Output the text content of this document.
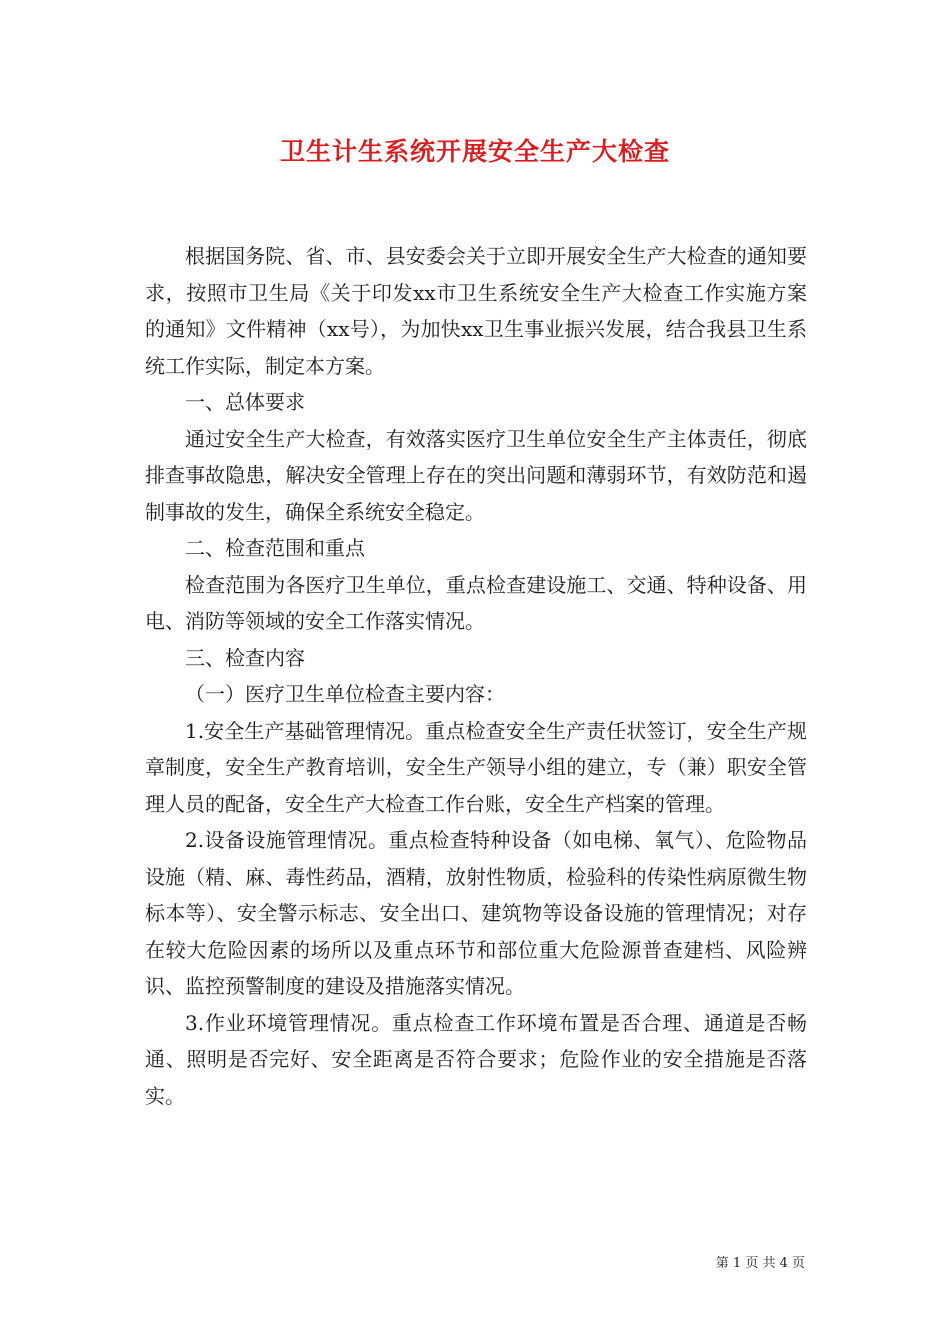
卫生计生系统开展安全生产大检查

根据国务院、省、市、县安委会关于立即开展安全生产大检查的通知要求，按照市卫生局《关于印发xx市卫生系统安全生产大检查工作实施方案的通知》文件精神（xx号），为加快xx卫生事业振兴发展，结合我县卫生系统工作实际，制定本方案。

一、总体要求

通过安全生产大检查，有效落实医疗卫生单位安全生产主体责任，彻底排查事故隐患，解决安全管理上存在的突出问题和薄弱环节，有效防范和遏制事故的发生，确保全系统安全稳定。

二、检查范围和重点

检查范围为各医疗卫生单位，重点检查建设施工、交通、特种设备、用电、消防等领域的安全工作落实情况。

三、检查内容

（一）医疗卫生单位检查主要内容：

1.安全生产基础管理情况。重点检查安全生产责任状签订，安全生产规章制度，安全生产教育培训，安全生产领导小组的建立，专（兼）职安全管理人员的配备，安全生产大检查工作台账，安全生产档案的管理。

2.设备设施管理情况。重点检查特种设备（如电梯、氧气）、危险物品设施（精、麻、毒性药品，酒精，放射性物质，检验科的传染性病原微生物标本等）、安全警示标志、安全出口、建筑物等设备设施的管理情况；对存在较大危险因素的场所以及重点环节和部位重大危险源普查建档、风险辨识、监控预警制度的建设及措施落实情况。

3.作业环境管理情况。重点检查工作环境布置是否合理、通道是否畅通、照明是否完好、安全距离是否符合要求；危险作业的安全措施是否落实。

第 1 页 共 4 页
